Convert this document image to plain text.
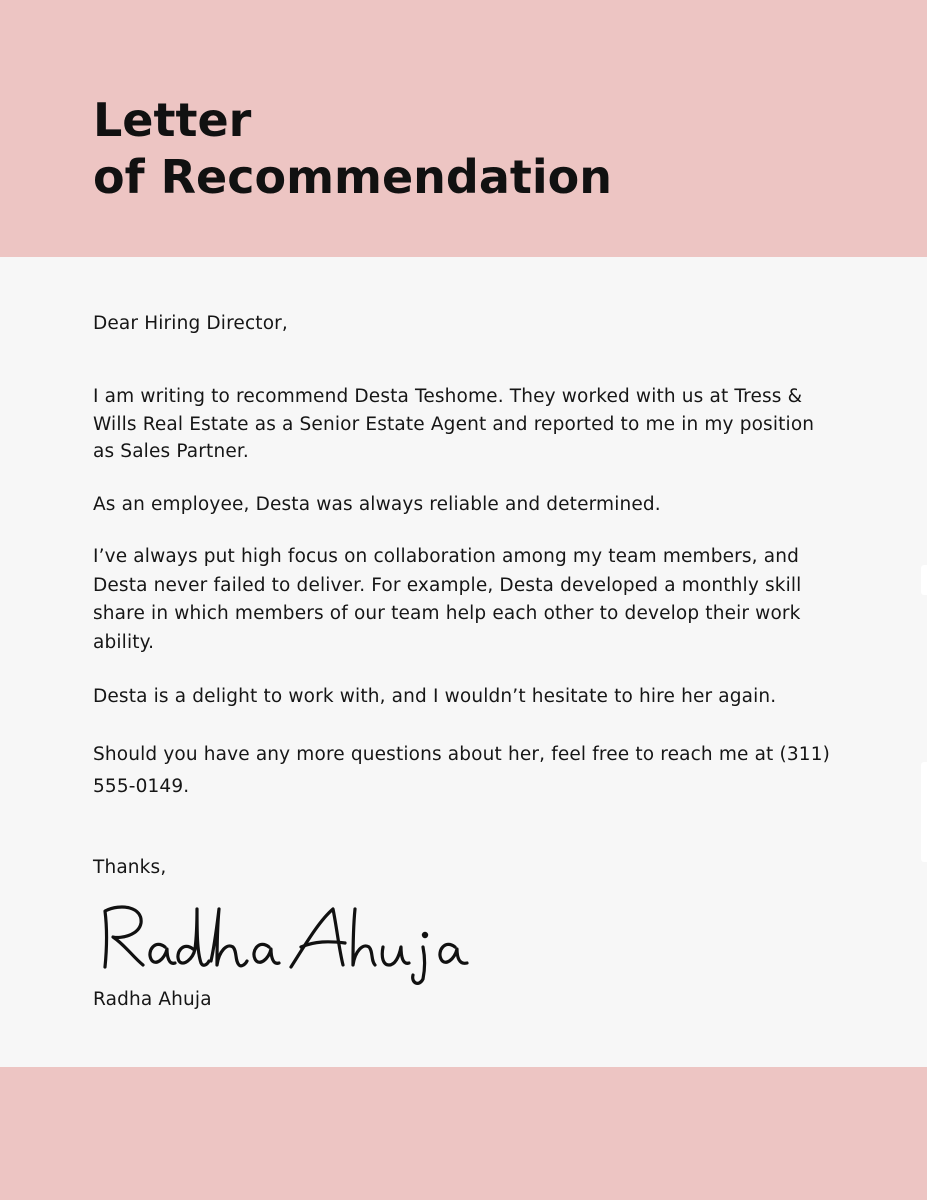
Letter
of Recommendation

Dear Hiring Director,

I am writing to recommend Desta Teshome. They worked with us at Tress & Wills Real Estate as a Senior Estate Agent and reported to me in my position as Sales Partner.

As an employee, Desta was always reliable and determined.

I’ve always put high focus on collaboration among my team members, and Desta never failed to deliver. For example, Desta developed a monthly skill share in which members of our team help each other to develop their work ability.

Desta is a delight to work with, and I wouldn’t hesitate to hire her again.

Should you have any more questions about her, feel free to reach me at (311) 555-0149.

Thanks,

Radha Ahuja
